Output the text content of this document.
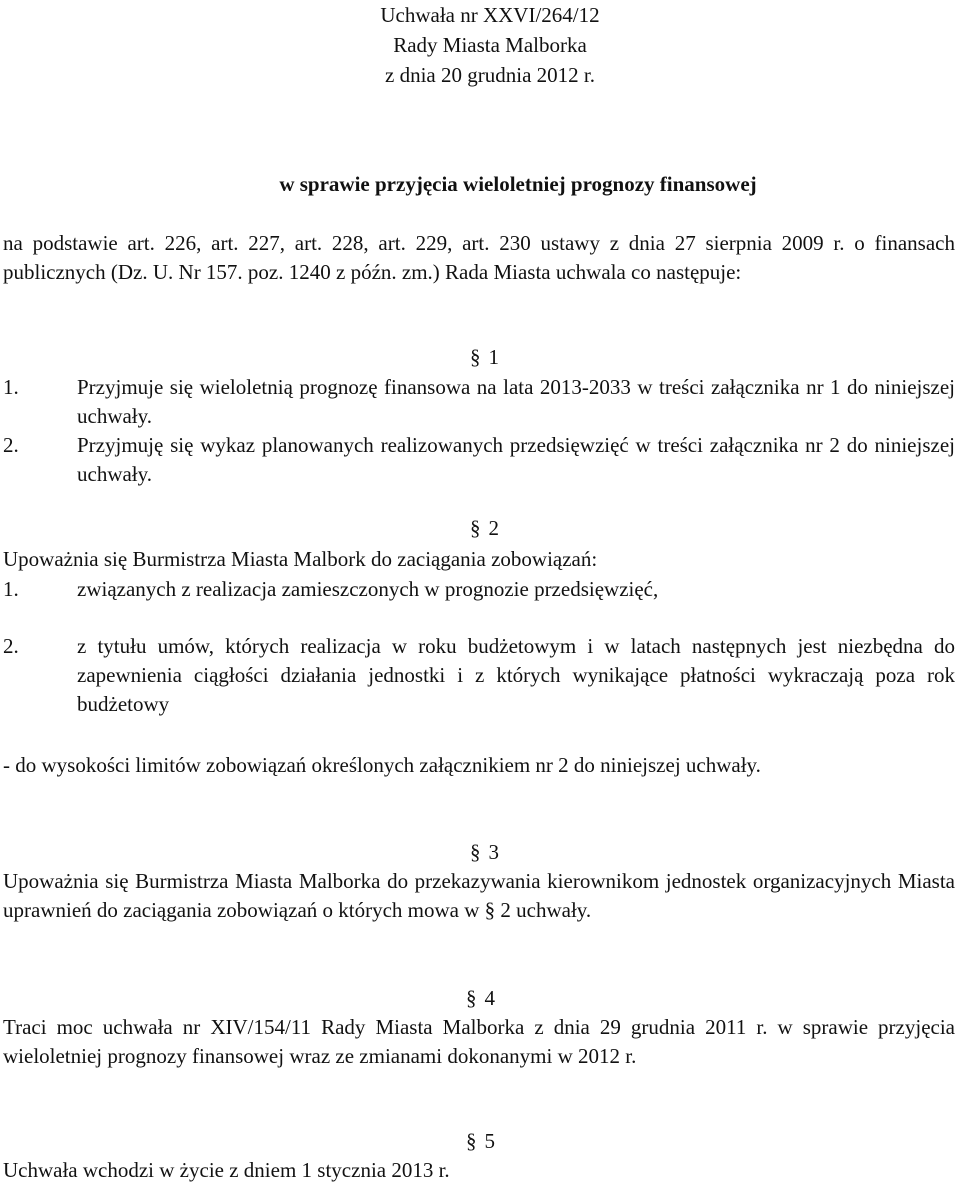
Uchwała nr XXVI/264/12
Rady Miasta Malborka
z dnia 20 grudnia 2012 r.
w sprawie przyjęcia wieloletniej prognozy finansowej
na podstawie art. 226, art. 227, art. 228, art. 229, art. 230 ustawy z dnia 27 sierpnia 2009 r. o finansach publicznych (Dz. U. Nr 157. poz. 1240 z późn. zm.) Rada Miasta uchwala co następuje:
§ 1
1.	Przyjmuje się wieloletnią prognozę finansowa na lata 2013-2033 w treści załącznika nr 1 do niniejszej uchwały.
2.	Przyjmuję się wykaz planowanych realizowanych przedsięwzięć w treści załącznika nr 2 do niniejszej uchwały.
§ 2
Upoważnia się Burmistrza Miasta Malbork do zaciągania zobowiązań:
1.	związanych z realizacja zamieszczonych w prognozie przedsięwzięć,
2.	z tytułu umów, których realizacja w roku budżetowym i w latach następnych jest niezbędna do zapewnienia ciągłości działania jednostki i z których wynikające płatności wykraczają poza rok budżetowy
- do wysokości limitów zobowiązań określonych załącznikiem nr 2 do niniejszej uchwały.
§ 3
Upoważnia się Burmistrza Miasta Malborka do przekazywania kierownikom jednostek organizacyjnych Miasta uprawnień do zaciągania zobowiązań o których mowa w § 2 uchwały.
§ 4
Traci moc uchwała nr XIV/154/11 Rady Miasta Malborka z dnia 29 grudnia 2011 r. w sprawie przyjęcia wieloletniej prognozy finansowej wraz ze zmianami dokonanymi w 2012 r.
§ 5
Uchwała wchodzi w życie z dniem 1 stycznia 2013 r.
